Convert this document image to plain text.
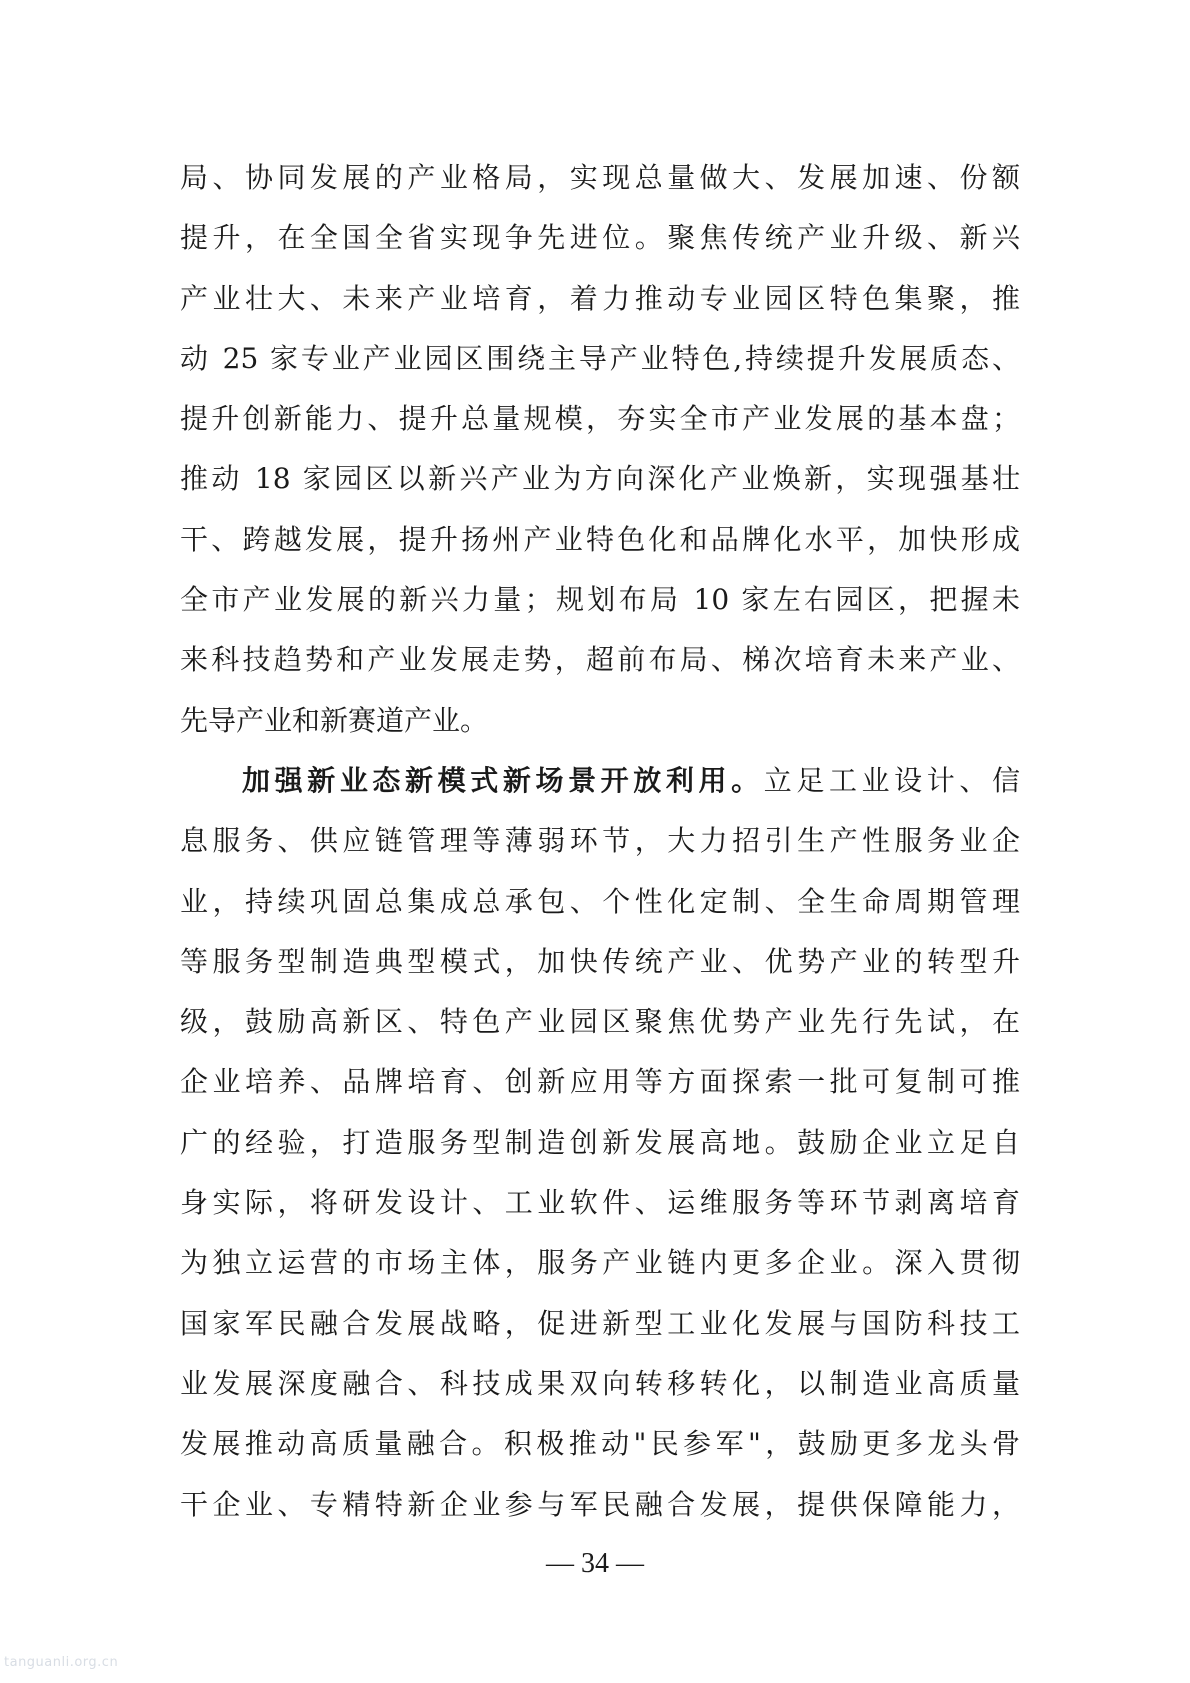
局、协同发展的产业格局，实现总量做大、发展加速、份额
提升，在全国全省实现争先进位。聚焦传统产业升级、新兴
产业壮大、未来产业培育，着力推动专业园区特色集聚，推
动 25 家专业产业园区围绕主导产业特色,持续提升发展质态、
提升创新能力、提升总量规模，夯实全市产业发展的基本盘；
推动 18 家园区以新兴产业为方向深化产业焕新，实现强基壮
干、跨越发展，提升扬州产业特色化和品牌化水平，加快形成
全市产业发展的新兴力量；规划布局 10 家左右园区，把握未
来科技趋势和产业发展走势，超前布局、梯次培育未来产业、
先导产业和新赛道产业。
加强新业态新模式新场景开放利用。立足工业设计、信
息服务、供应链管理等薄弱环节，大力招引生产性服务业企
业，持续巩固总集成总承包、个性化定制、全生命周期管理
等服务型制造典型模式，加快传统产业、优势产业的转型升
级，鼓励高新区、特色产业园区聚焦优势产业先行先试，在
企业培养、品牌培育、创新应用等方面探索一批可复制可推
广的经验，打造服务型制造创新发展高地。鼓励企业立足自
身实际，将研发设计、工业软件、运维服务等环节剥离培育
为独立运营的市场主体，服务产业链内更多企业。深入贯彻
国家军民融合发展战略，促进新型工业化发展与国防科技工
业发展深度融合、科技成果双向转移转化，以制造业高质量
发展推动高质量融合。积极推动"民参军"，鼓励更多龙头骨
干企业、专精特新企业参与军民融合发展，提供保障能力，
— 34 —
tanguanli.org.cn
